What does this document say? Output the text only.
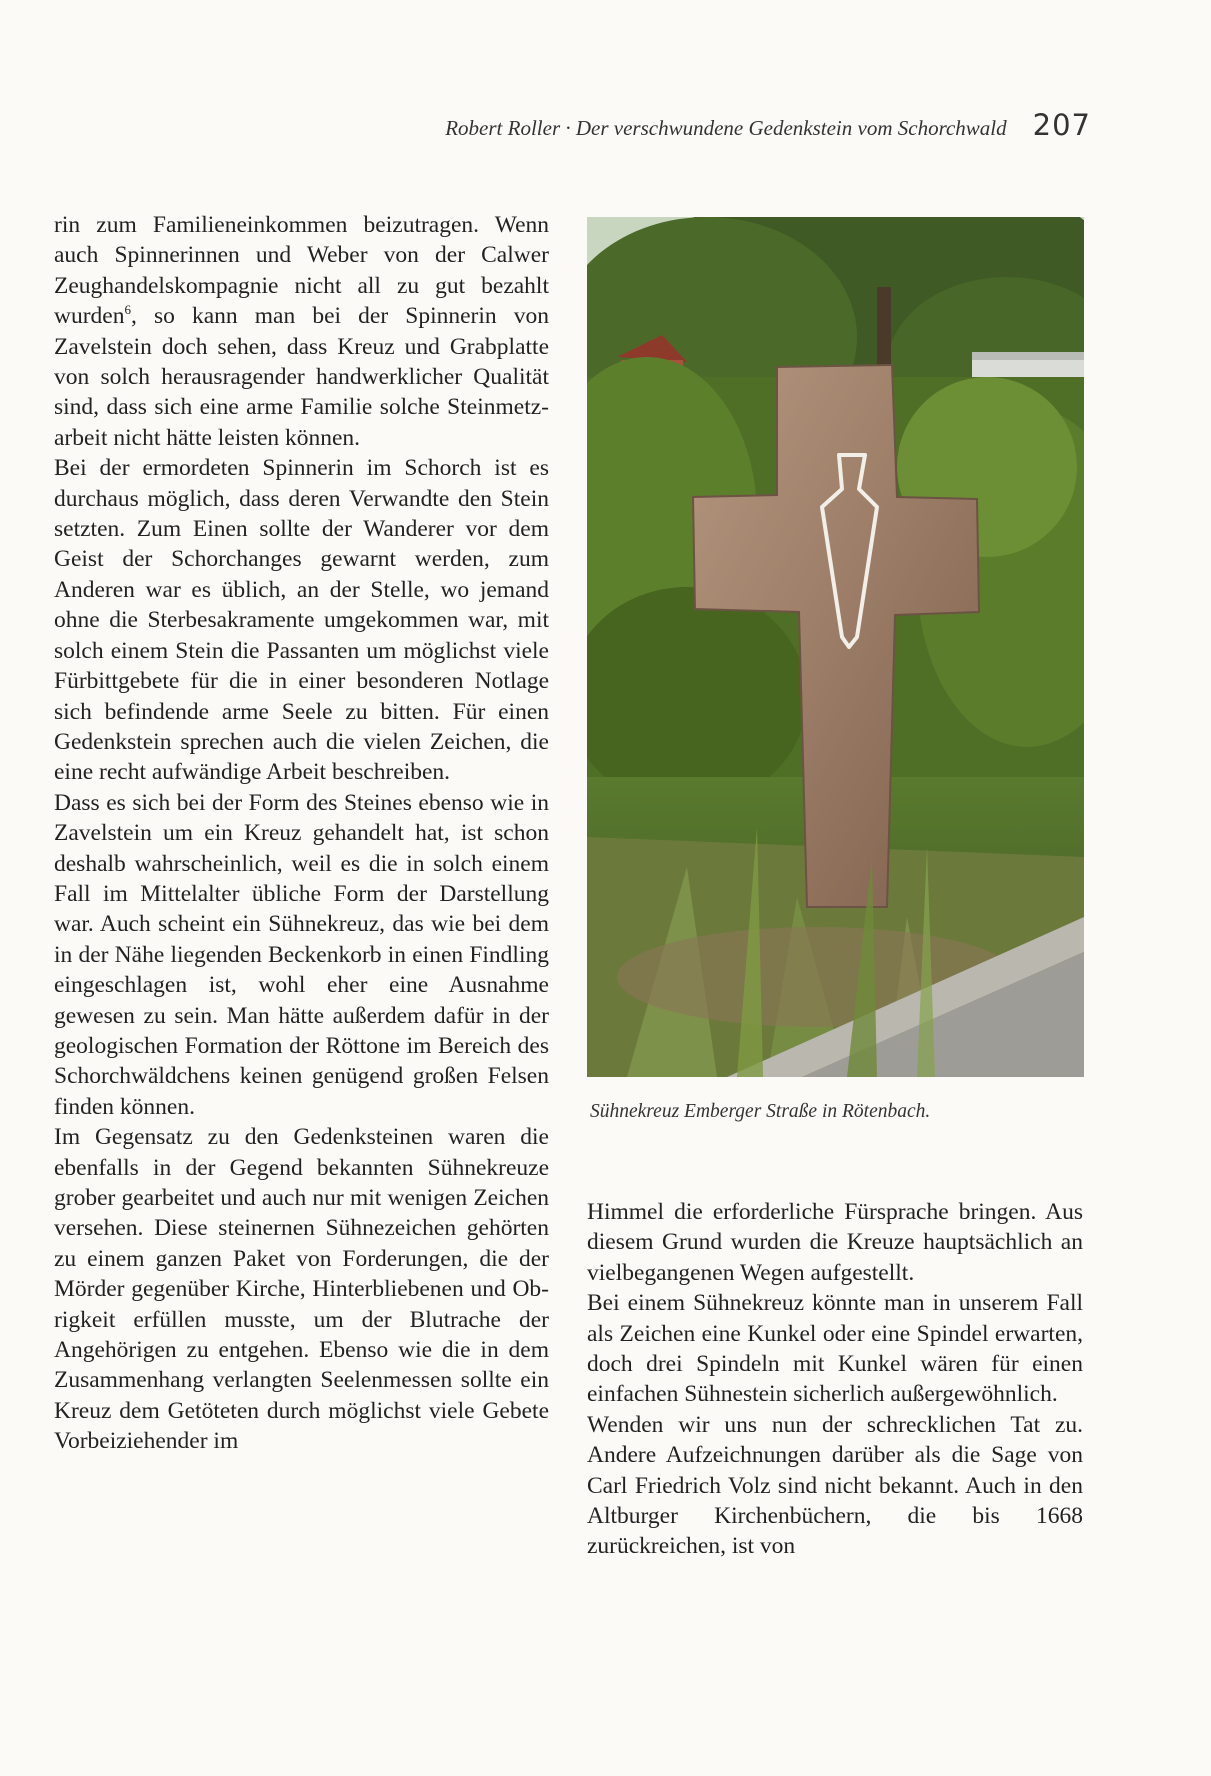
Robert Roller · Der verschwundene Gedenkstein vom Schorchwald 207

rin zum Familieneinkommen beizutragen. Wenn auch Spinnerinnen und Weber von der Calwer Zeughandelskompagnie nicht all zu gut bezahlt wurden$^6$, so kann man bei der Spinnerin von Zavelstein doch sehen, dass Kreuz und Grabplatte von solch herausragender handwerklicher Qualität sind, dass sich eine arme Familie solche Steinmetzarbeit nicht hätte leisten können.

Bei der ermordeten Spinnerin im Schorch ist es durchaus möglich, dass deren Verwandte den Stein setzten. Zum Einen sollte der Wanderer vor dem Geist der Schorchanges gewarnt werden, zum Anderen war es üblich, an der Stelle, wo jemand ohne die Sterbesakramente umgekommen war, mit solch einem Stein die Passanten um möglichst viele Fürbittgebete für die in einer besonderen Notlage sich befindende arme Seele zu bitten. Für einen Gedenkstein sprechen auch die vielen Zeichen, die eine recht aufwändige Arbeit beschreiben.

Dass es sich bei der Form des Steines ebenso wie in Zavelstein um ein Kreuz gehandelt hat, ist schon deshalb wahrscheinlich, weil es die in solch einem Fall im Mittelalter übliche Form der Darstellung war. Auch scheint ein Sühnekreuz, das wie bei dem in der Nähe liegenden Beckenkorb in einen Findling eingeschlagen ist, wohl eher eine Ausnahme gewesen zu sein. Man hätte außerdem dafür in der geologischen Formation der Röttone im Bereich des Schorchwäldchens keinen genügend großen Felsen finden können.

Im Gegensatz zu den Gedenksteinen waren die ebenfalls in der Gegend bekannten Sühnekreuze grober gearbeitet und auch nur mit wenigen Zeichen versehen. Diese steinernen Sühnezeichen gehörten zu einem ganzen Paket von Forderungen, die der Mörder gegenüber Kirche, Hinterbliebenen und Obrigkeit erfüllen musste, um der Blutrache der Angehörigen zu entgehen. Ebenso wie die in dem Zusammenhang verlangten Seelenmessen sollte ein Kreuz dem Getöteten durch möglichst viele Gebete Vorbeiziehender im

Sühnekreuz Emberger Straße in Rötenbach.

Himmel die erforderliche Fürsprache bringen. Aus diesem Grund wurden die Kreuze hauptsächlich an vielbegangenen Wegen aufgestellt.

Bei einem Sühnekreuz könnte man in unserem Fall als Zeichen eine Kunkel oder eine Spindel erwarten, doch drei Spindeln mit Kunkel wären für einen einfachen Sühnestein sicherlich außergewöhnlich.

Wenden wir uns nun der schrecklichen Tat zu. Andere Aufzeichnungen darüber als die Sage von Carl Friedrich Volz sind nicht bekannt. Auch in den Altburger Kirchenbüchern, die bis 1668 zurückreichen, ist von
